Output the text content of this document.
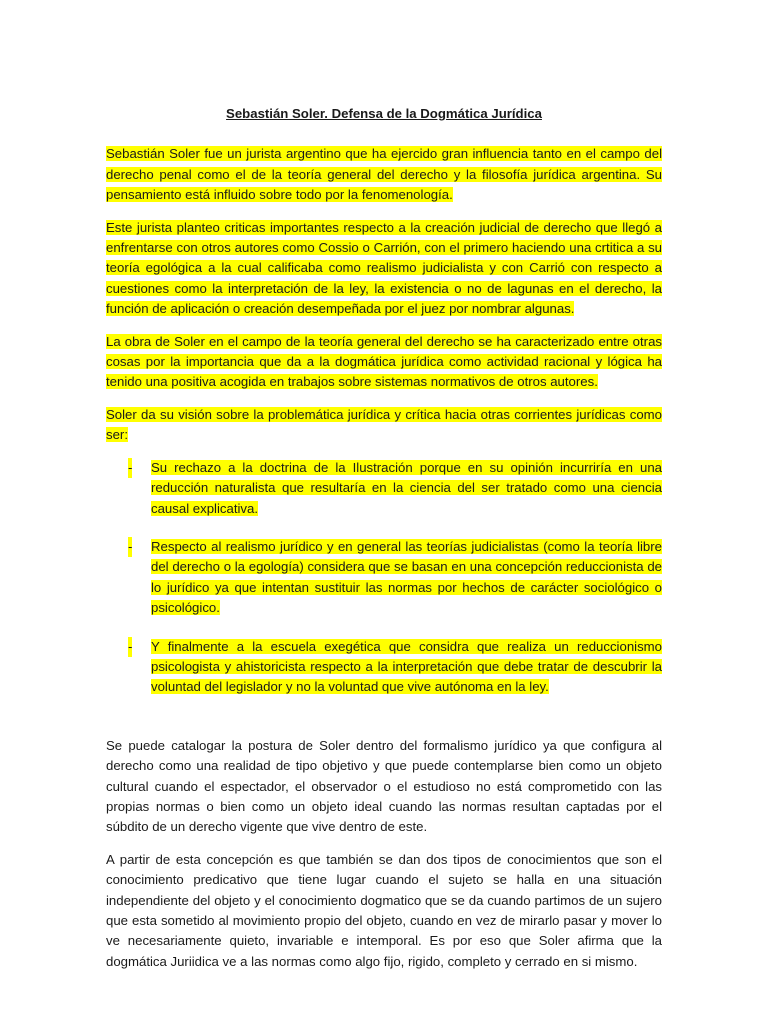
Sebastián Soler. Defensa de la Dogmática Jurídica

Sebastián Soler fue un jurista argentino que ha ejercido gran influencia tanto en el campo del derecho penal como el de la teoría general del derecho y la filosofía jurídica argentina. Su pensamiento está influido sobre todo por la fenomenología.

Este jurista planteo criticas importantes respecto a la creación judicial de derecho que llegó a enfrentarse con otros autores como Cossio o Carrión, con el primero haciendo una crtitica a su teoría egológica a la cual calificaba como realismo judicialista y con Carrió con respecto a cuestiones como la interpretación de la ley, la existencia o no de lagunas en el derecho, la función de aplicación o creación desempeñada por el juez por nombrar algunas.

La obra de Soler en el campo de la teoría general del derecho se ha caracterizado entre otras cosas por la importancia que da a la dogmática jurídica como actividad racional y lógica ha tenido una positiva acogida en trabajos sobre sistemas normativos de otros autores.

Soler da su visión sobre la problemática jurídica y crítica hacia otras corrientes jurídicas como ser:

- Su rechazo a la doctrina de la Ilustración porque en su opinión incurriría en una reducción naturalista que resultaría en la ciencia del ser tratado como una ciencia causal explicativa.
- Respecto al realismo jurídico y en general las teorías judicialistas (como la teoría libre del derecho o la egología) considera que se basan en una concepción reduccionista de lo jurídico ya que intentan sustituir las normas por hechos de carácter sociológico o psicológico.
- Y finalmente a la escuela exegética que considra que realiza un reduccionismo psicologista y ahistoricista respecto a la interpretación que debe tratar de descubrir la voluntad del legislador y no la voluntad que vive autónoma en la ley.

Se puede catalogar la postura de Soler dentro del formalismo jurídico ya que configura al derecho como una realidad de tipo objetivo y que puede contemplarse bien como un objeto cultural cuando el espectador, el observador o el estudioso no está comprometido con las propias normas o bien como un objeto ideal cuando las normas resultan captadas por el súbdito de un derecho vigente que vive dentro de este.

A partir de esta concepción es que también se dan dos tipos de conocimientos que son el conocimiento predicativo que tiene lugar cuando el sujeto se halla en una situación independiente del objeto y el conocimiento dogmatico que se da cuando partimos de un sujero que esta sometido al movimiento propio del objeto, cuando en vez de mirarlo pasar y mover lo ve necesariamente quieto, invariable e intemporal. Es por eso que Soler afirma que la dogmática Juriidica ve a las normas como algo fijo, rigido, completo y cerrado en si mismo.
